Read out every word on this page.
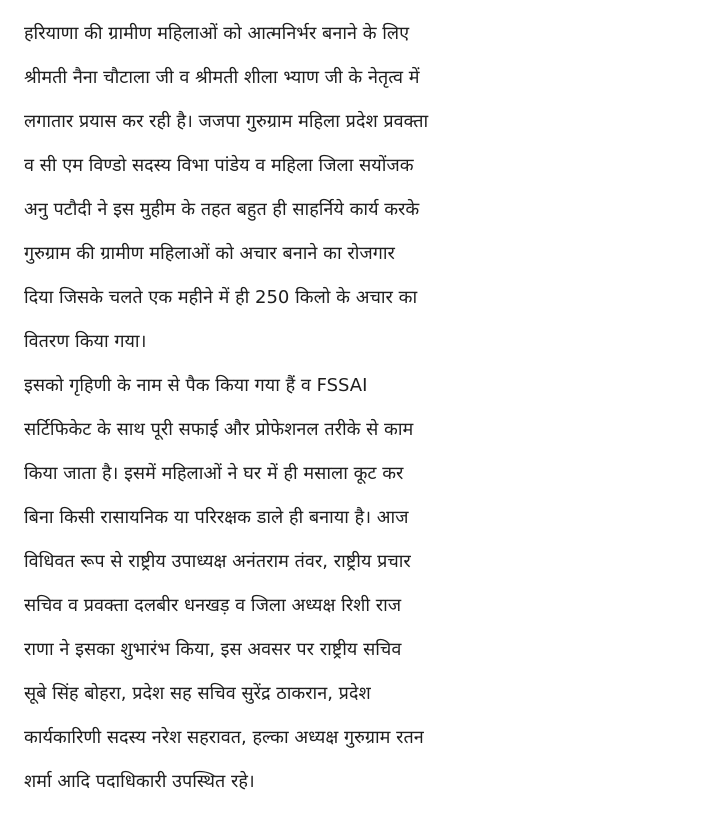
हरियाणा की ग्रामीण महिलाओं को आत्मनिर्भर बनाने के लिए
श्रीमती नैना चौटाला जी व श्रीमती शीला भ्याण जी के नेतृत्व में
लगातार प्रयास कर रही है। जजपा गुरुग्राम महिला प्रदेश प्रवक्ता
व सी एम विण्डो सदस्य विभा पांडेय व महिला जिला सयोंजक
अनु पटौदी ने इस मुहीम के तहत बहुत ही साहर्निये कार्य करके
गुरुग्राम की ग्रामीण महिलाओं को अचार बनाने का रोजगार
दिया जिसके चलते एक महीने में ही 250 किलो के अचार का
वितरण किया गया।
इसको गृहिणी के नाम से पैक किया गया हैं व FSSAI
सर्टिफिकेट के साथ पूरी सफाई और प्रोफेशनल तरीके से काम
किया जाता है। इसमें महिलाओं ने घर में ही मसाला कूट कर
बिना किसी रासायनिक या परिरक्षक डाले ही बनाया है। आज
विधिवत रूप से राष्ट्रीय उपाध्यक्ष अनंतराम तंवर, राष्ट्रीय प्रचार
सचिव व प्रवक्ता दलबीर धनखड़ व जिला अध्यक्ष रिशी राज
राणा ने इसका शुभारंभ किया, इस अवसर पर राष्ट्रीय सचिव
सूबे सिंह बोहरा, प्रदेश सह सचिव सुरेंद्र ठाकरान, प्रदेश
कार्यकारिणी सदस्य नरेश सहरावत, हल्का अध्यक्ष गुरुग्राम रतन
शर्मा आदि पदाधिकारी उपस्थित रहे।
